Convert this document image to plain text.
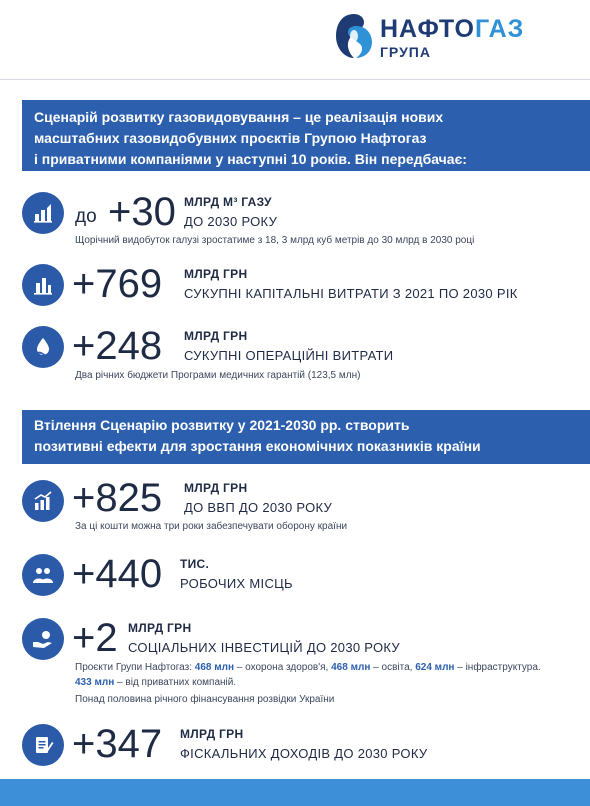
НАФТОГАЗ
ГРУПА

Сценарій розвитку газовидовування – це реалізація нових

масштабних газовидобувних проєктів Групою Нафтогаз

і приватними компаніями у наступні 10 років. Він передбачає:

до +30 МЛРД М³ ГАЗУ
ДО 2030 РОКУ
Щорічний видобуток галузі зростатиме з 18, 3 млрд куб метрів до 30 млрд в 2030 році
+769 МЛРД ГРН
СУКУПНІ КАПІТАЛЬНІ ВИТРАТИ З 2021 ПО 2030 РІК
+248 МЛРД ГРН
СУКУПНІ ОПЕРАЦІЙНІ ВИТРАТИ
Два річних бюджети Програми медичних гарантій (123,5 млн)

Втілення Сценарію розвитку у 2021-2030 рр. створить

позитивні ефекти для зростання економічних показників країни

+825 МЛРД ГРН
ДО ВВП ДО 2030 РОКУ
За ці кошти можна три роки забезпечувати оборону країни
+440 ТИС.
РОБОЧИХ МІСЦЬ
+2 МЛРД ГРН
СОЦІАЛЬНИХ ІНВЕСТИЦІЙ ДО 2030 РОКУ
Проєкти Групи Нафтогаз: 468 млн – охорона здоров'я, 468 млн – освіта, 624 млн – інфраструктура.
433 млн – від приватних компаній.
Понад половина річного фінансування розвідки України
+347 МЛРД ГРН
ФІСКАЛЬНИХ ДОХОДІВ ДО 2030 РОКУ
